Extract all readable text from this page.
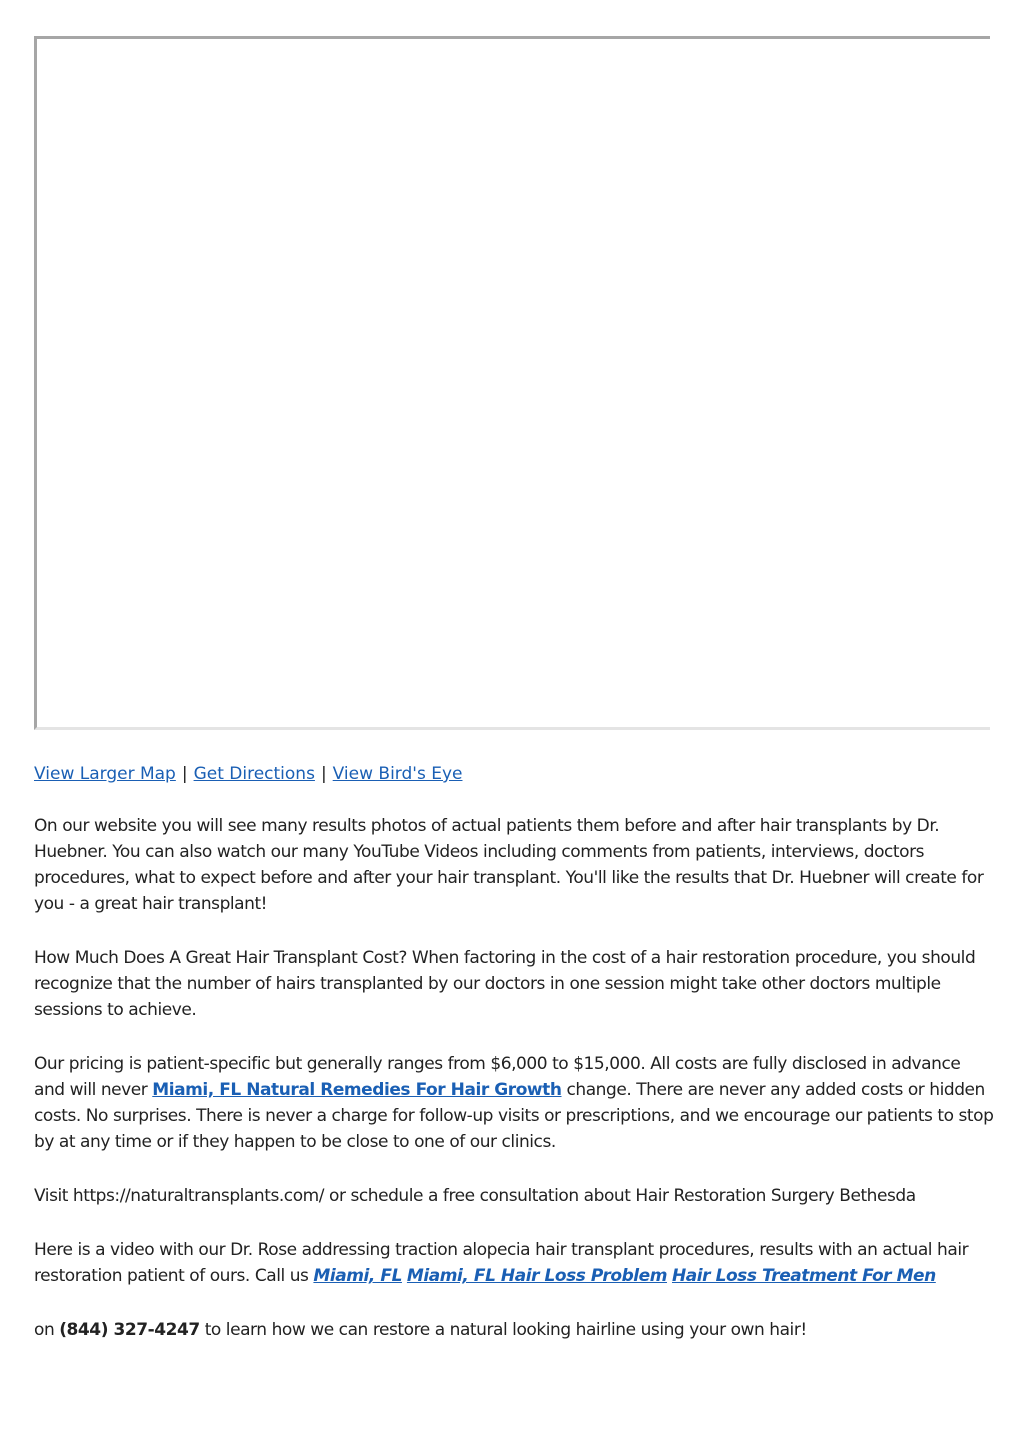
View Larger Map | Get Directions | View Bird's Eye

On our website you will see many results photos of actual patients them before and after hair transplants by Dr. Huebner. You can also watch our many YouTube Videos including comments from patients, interviews, doctors procedures, what to expect before and after your hair transplant. You'll like the results that Dr. Huebner will create for you - a great hair transplant!

How Much Does A Great Hair Transplant Cost? When factoring in the cost of a hair restoration procedure, you should recognize that the number of hairs transplanted by our doctors in one session might take other doctors multiple sessions to achieve.

Our pricing is patient-specific but generally ranges from $6,000 to $15,000. All costs are fully disclosed in advance and will never Miami, FL Natural Remedies For Hair Growth change. There are never any added costs or hidden costs. No surprises. There is never a charge for follow-up visits or prescriptions, and we encourage our patients to stop by at any time or if they happen to be close to one of our clinics.

Visit https://naturaltransplants.com/ or schedule a free consultation about Hair Restoration Surgery Bethesda

Here is a video with our Dr. Rose addressing traction alopecia hair transplant procedures, results with an actual hair restoration patient of ours. Call us Miami, FL Miami, FL Hair Loss Problem Hair Loss Treatment For Men

on (844) 327-4247 to learn how we can restore a natural looking hairline using your own hair!
